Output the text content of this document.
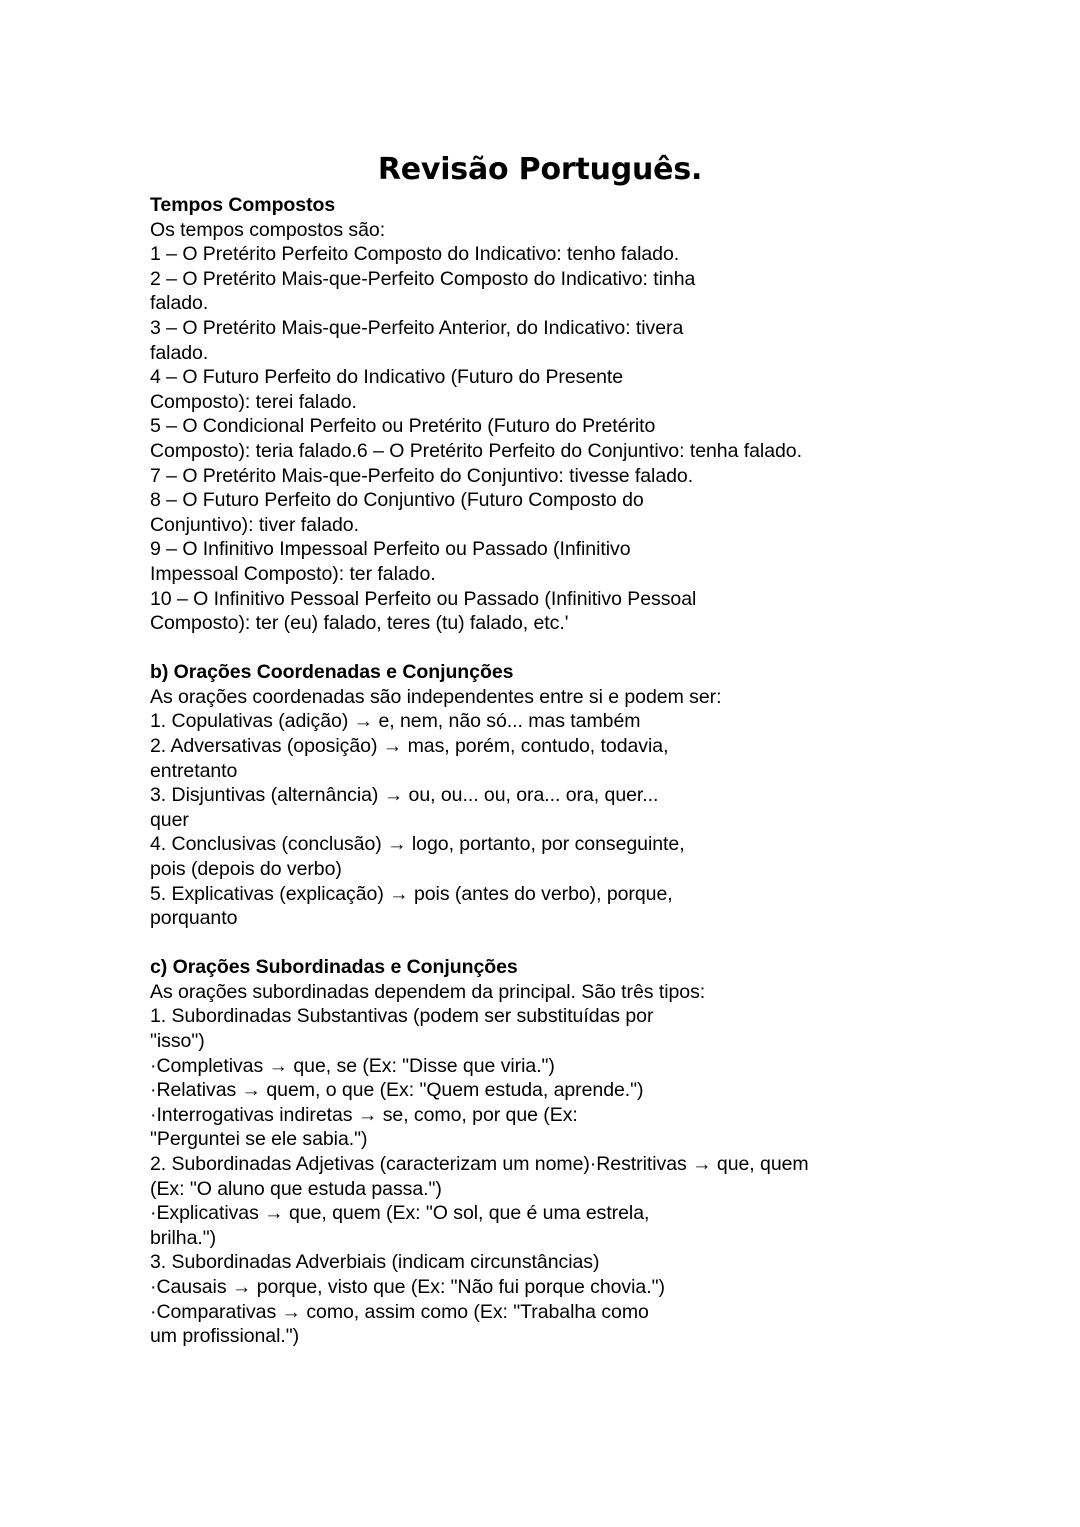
Revisão Português.
Tempos Compostos
Os tempos compostos são:
1 – O Pretérito Perfeito Composto do Indicativo: tenho falado.
2 – O Pretérito Mais-que-Perfeito Composto do Indicativo: tinha
falado.
3 – O Pretérito Mais-que-Perfeito Anterior, do Indicativo: tivera
falado.
4 – O Futuro Perfeito do Indicativo (Futuro do Presente
Composto): terei falado.
5 – O Condicional Perfeito ou Pretérito (Futuro do Pretérito
Composto): teria falado.6 – O Pretérito Perfeito do Conjuntivo: tenha falado.
7 – O Pretérito Mais-que-Perfeito do Conjuntivo: tivesse falado.
8 – O Futuro Perfeito do Conjuntivo (Futuro Composto do
Conjuntivo): tiver falado.
9 – O Infinitivo Impessoal Perfeito ou Passado (Infinitivo
Impessoal Composto): ter falado.
10 – O Infinitivo Pessoal Perfeito ou Passado (Infinitivo Pessoal
Composto): ter (eu) falado, teres (tu) falado, etc.'
b) Orações Coordenadas e Conjunções
As orações coordenadas são independentes entre si e podem ser:
1. Copulativas (adição) → e, nem, não só... mas também
2. Adversativas (oposição) → mas, porém, contudo, todavia,
entretanto
3. Disjuntivas (alternância) → ou, ou... ou, ora... ora, quer...
quer
4. Conclusivas (conclusão) → logo, portanto, por conseguinte,
pois (depois do verbo)
5. Explicativas (explicação) → pois (antes do verbo), porque,
porquanto
c) Orações Subordinadas e Conjunções
As orações subordinadas dependem da principal. São três tipos:
1. Subordinadas Substantivas (podem ser substituídas por
"isso")
·Completivas → que, se (Ex: "Disse que viria.")
·Relativas → quem, o que (Ex: "Quem estuda, aprende.")
·Interrogativas indiretas → se, como, por que (Ex:
"Perguntei se ele sabia.")
2. Subordinadas Adjetivas (caracterizam um nome)·Restritivas → que, quem
(Ex: "O aluno que estuda passa.")
·Explicativas → que, quem (Ex: "O sol, que é uma estrela,
brilha.")
3. Subordinadas Adverbiais (indicam circunstâncias)
·Causais → porque, visto que (Ex: "Não fui porque chovia.")
·Comparativas → como, assim como (Ex: "Trabalha como
um profissional.")
